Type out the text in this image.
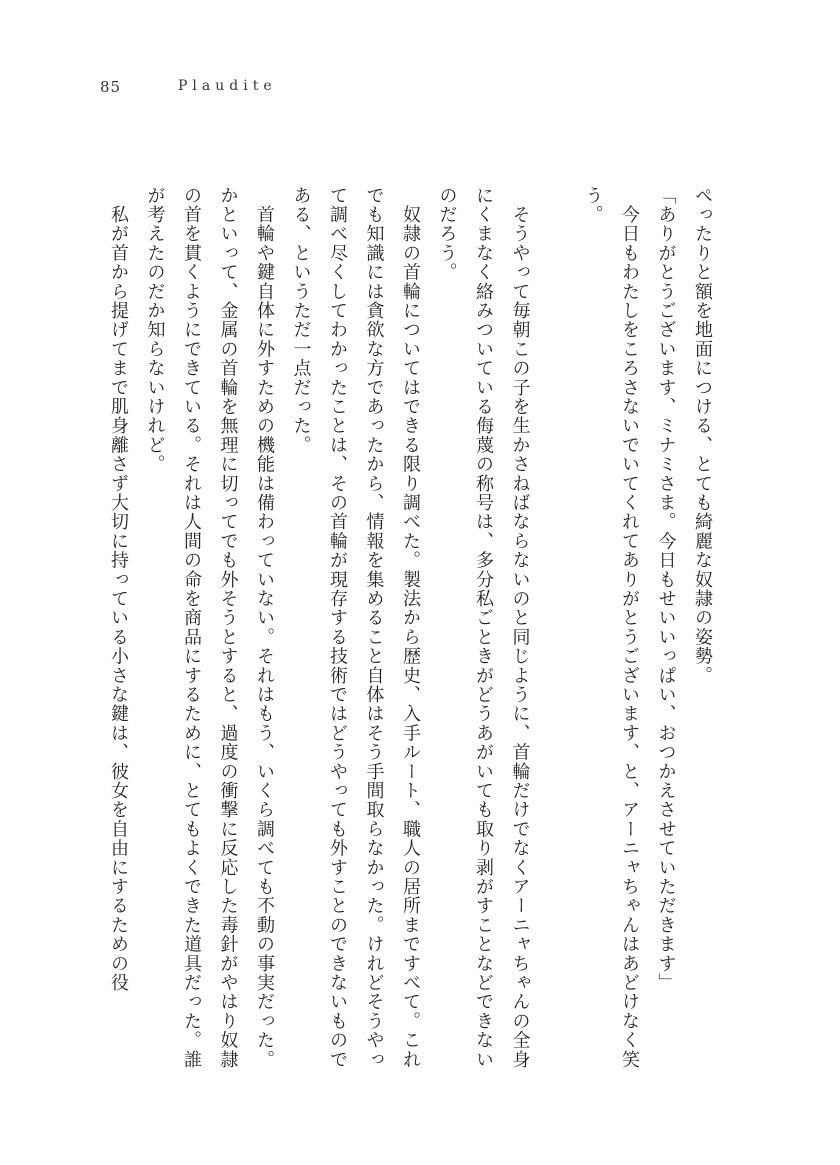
85	Plaudite

ぺったりと額を地面につける、とても綺麗な奴隷の姿勢。

「ありがとうございます、ミナミさま。今日もせいいっぱい、おつかえさせていただきます」

　今日もわたしをころさないでいてくれてありがとうございます、と、アーニャちゃんはあどけなく笑う。

　そうやって毎朝この子を生かさねばならないのと同じように、首輪だけでなくアーニャちゃんの全身にくまなく絡みついている侮蔑の称号は、多分私ごときがどうあがいても取り剥がすことなどできないのだろう。

　奴隷の首輪についてはできる限り調べた。製法から歴史、入手ルート、職人の居所まですべて。これでも知識には貪欲な方であったから、情報を集めること自体はそう手間取らなかった。けれどそうやって調べ尽くしてわかったことは、その首輪が現存する技術ではどうやっても外すことのできないものである、というただ一点だった。

　首輪や鍵自体に外すための機能は備わっていない。それはもう、いくら調べても不動の事実だった。かといって、金属の首輪を無理に切ってでも外そうとすると、過度の衝撃に反応した毒針がやはり奴隷の首を貫くようにできている。それは人間の命を商品にするために、とてもよくできた道具だった。誰が考えたのだか知らないけれど。

　私が首から提げてまで肌身離さず大切に持っている小さな鍵は、彼女を自由にするための役
